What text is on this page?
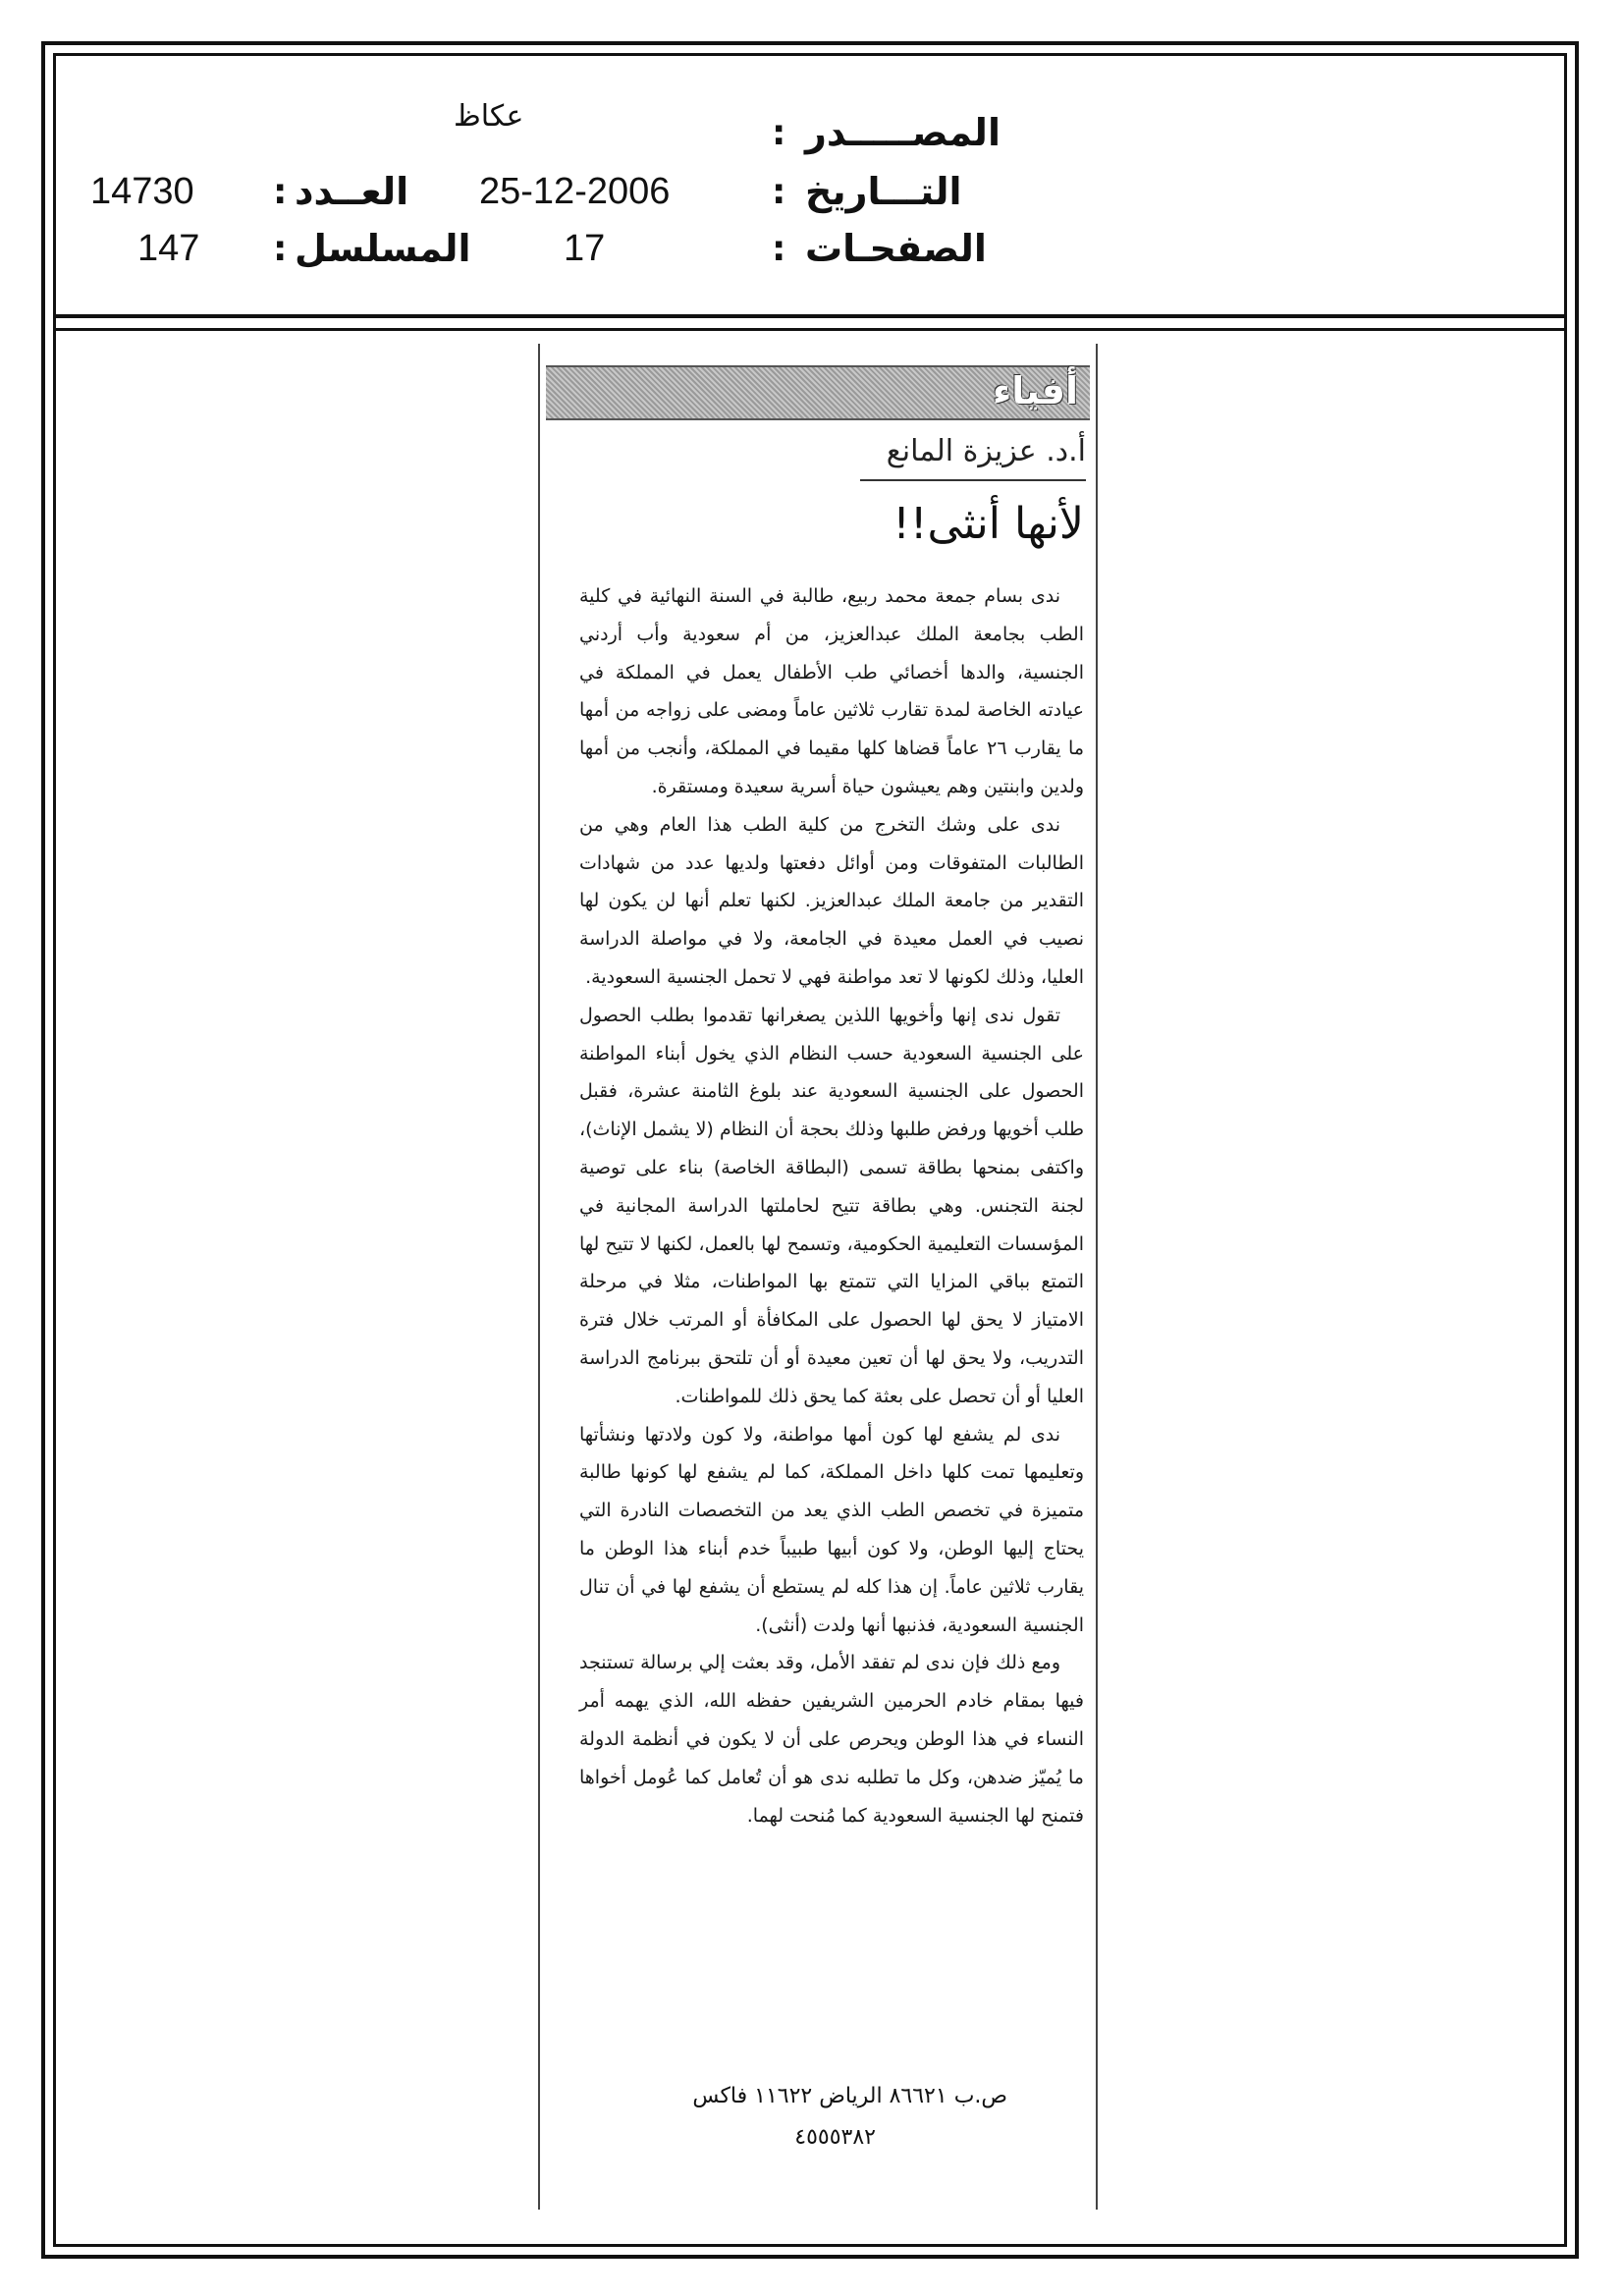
عكاظ	المصـــــدر
:
التـــاريخ
:
25-12-2006
العــدد
:
14730
الصفحـات
:
17
المسلسل
:
147
أفياء
أ.د. عزيزة المانع
لأنها أنثى!!

ندى بسام جمعة محمد ربيع، طالبة في السنة النهائية في كلية الطب بجامعة الملك عبدالعزيز، من أم سعودية وأب أردني الجنسية، والدها أخصائي طب الأطفال يعمل في المملكة في عيادته الخاصة لمدة تقارب ثلاثين عاماً ومضى على زواجه من أمها ما يقارب ٢٦ عاماً قضاها كلها مقيما في المملكة، وأنجب من أمها ولدين وابنتين وهم يعيشون حياة أسرية سعيدة ومستقرة.

ندى على وشك التخرج من كلية الطب هذا العام وهي من الطالبات المتفوقات ومن أوائل دفعتها ولديها عدد من شهادات التقدير من جامعة الملك عبدالعزيز. لكنها تعلم أنها لن يكون لها نصيب في العمل معيدة في الجامعة، ولا في مواصلة الدراسة العليا، وذلك لكونها لا تعد مواطنة فهي لا تحمل الجنسية السعودية.

تقول ندى إنها وأخويها اللذين يصغرانها تقدموا بطلب الحصول على الجنسية السعودية حسب النظام الذي يخول أبناء المواطنة الحصول على الجنسية السعودية عند بلوغ الثامنة عشرة، فقبل طلب أخويها ورفض طلبها وذلك بحجة أن النظام (لا يشمل الإناث)، واكتفى بمنحها بطاقة تسمى (البطاقة الخاصة) بناء على توصية لجنة التجنس. وهي بطاقة تتيح لحاملتها الدراسة المجانية في المؤسسات التعليمية الحكومية، وتسمح لها بالعمل، لكنها لا تتيح لها التمتع بباقي المزايا التي تتمتع بها المواطنات، مثلا في مرحلة الامتياز لا يحق لها الحصول على المكافأة أو المرتب خلال فترة التدريب، ولا يحق لها أن تعين معيدة أو أن تلتحق ببرنامج الدراسة العليا أو أن تحصل على بعثة كما يحق ذلك للمواطنات.

ندى لم يشفع لها كون أمها مواطنة، ولا كون ولادتها ونشأتها وتعليمها تمت كلها داخل المملكة، كما لم يشفع لها كونها طالبة متميزة في تخصص الطب الذي يعد من التخصصات النادرة التي يحتاج إليها الوطن، ولا كون أبيها طبيباً خدم أبناء هذا الوطن ما يقارب ثلاثين عاماً. إن هذا كله لم يستطع أن يشفع لها في أن تنال الجنسية السعودية، فذنبها أنها ولدت (أنثى).

ومع ذلك فإن ندى لم تفقد الأمل، وقد بعثت إلي برسالة تستنجد فيها بمقام خادم الحرمين الشريفين حفظه الله، الذي يهمه أمر النساء في هذا الوطن ويحرص على أن لا يكون في أنظمة الدولة ما يُميّز ضدهن، وكل ما تطلبه ندى هو أن تُعامل كما عُومل أخواها فتمنح لها الجنسية السعودية كما مُنحت لهما.

ص.ب ٨٦٦٢١ الرياض ١١٦٢٢ فاكس
٤٥٥٥٣٨٢
